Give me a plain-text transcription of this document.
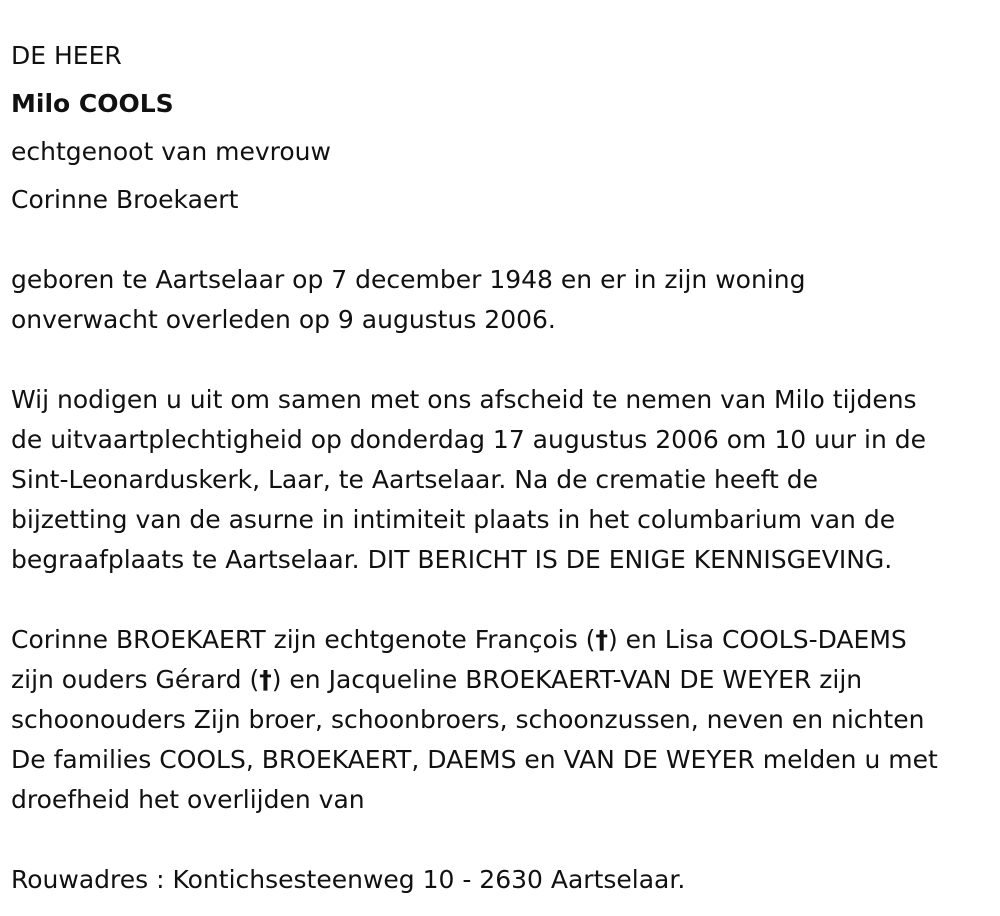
DE HEER
Milo COOLS
echtgenoot van mevrouw
Corinne Broekaert
geboren te Aartselaar op 7 december 1948 en er in zijn woning
onverwacht overleden op 9 augustus 2006.
Wij nodigen u uit om samen met ons afscheid te nemen van Milo tijdens
de uitvaartplechtigheid op donderdag 17 augustus 2006 om 10 uur in de
Sint-Leonarduskerk, Laar, te Aartselaar. Na de crematie heeft de
bijzetting van de asurne in intimiteit plaats in het columbarium van de
begraafplaats te Aartselaar. DIT BERICHT IS DE ENIGE KENNISGEVING.
Corinne BROEKAERT zijn echtgenote François (†) en Lisa COOLS-DAEMS
zijn ouders Gérard (†) en Jacqueline BROEKAERT-VAN DE WEYER zijn
schoonouders Zijn broer, schoonbroers, schoonzussen, neven en nichten
De families COOLS, BROEKAERT, DAEMS en VAN DE WEYER melden u met
droefheid het overlijden van
Rouwadres : Kontichsesteenweg 10 - 2630 Aartselaar.
